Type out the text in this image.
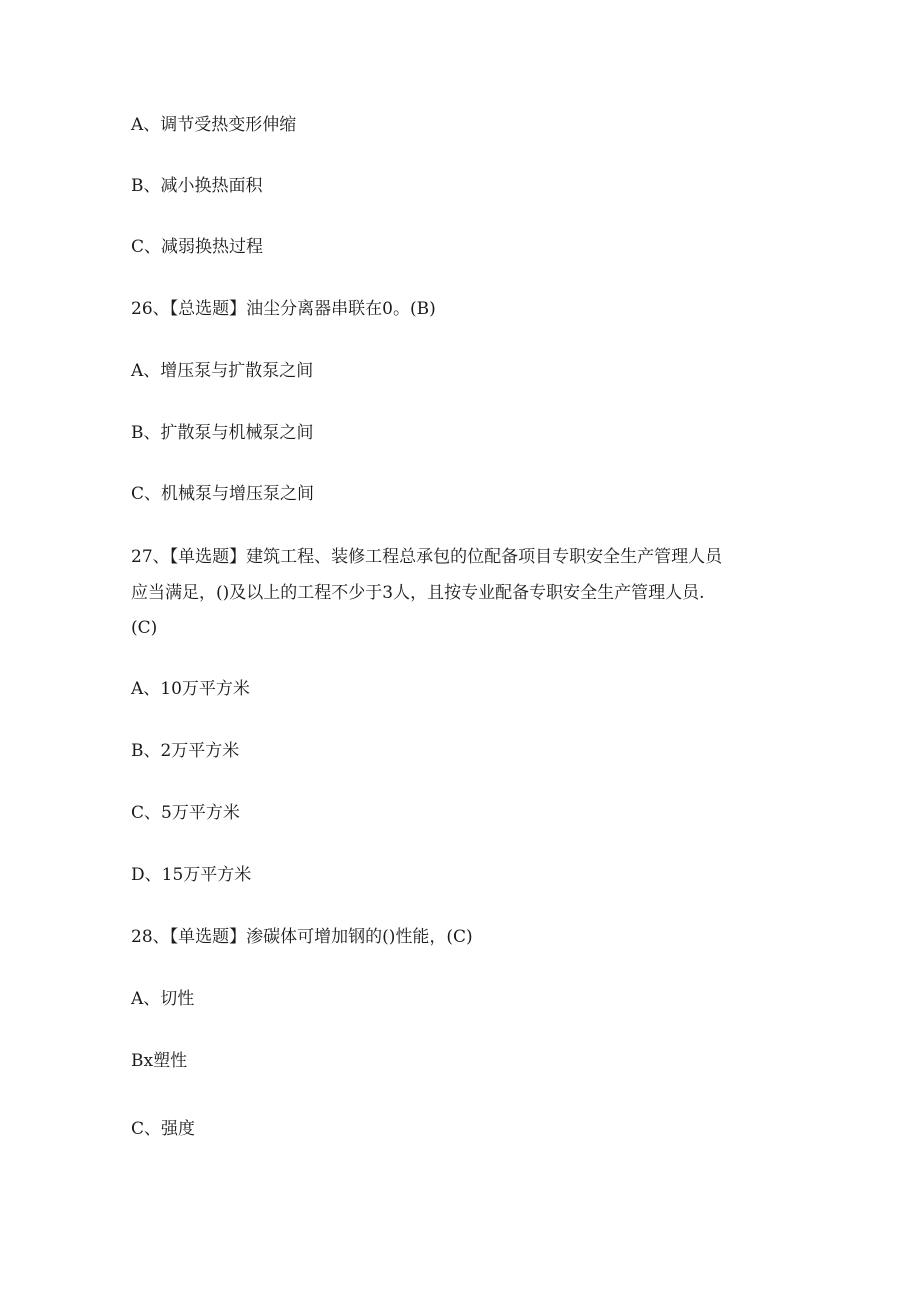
A、调节受热变形伸缩
B、减小换热面积
C、减弱换热过程
26、【总选题】油尘分离器串联在0。(B)
A、增压泵与扩散泵之间
B、扩散泵与机械泵之间
C、机械泵与增压泵之间
27、【单选题】建筑工程、装修工程总承包的位配备项目专职安全生产管理人员
应当满足，()及以上的工程不少于3人，且按专业配备专职安全生产管理人员.
(C)
A、10万平方米
B、2万平方米
C、5万平方米
D、15万平方米
28、【单选题】渗碳体可增加钢的()性能，(C)
A、切性
Bx塑性
C、强度
